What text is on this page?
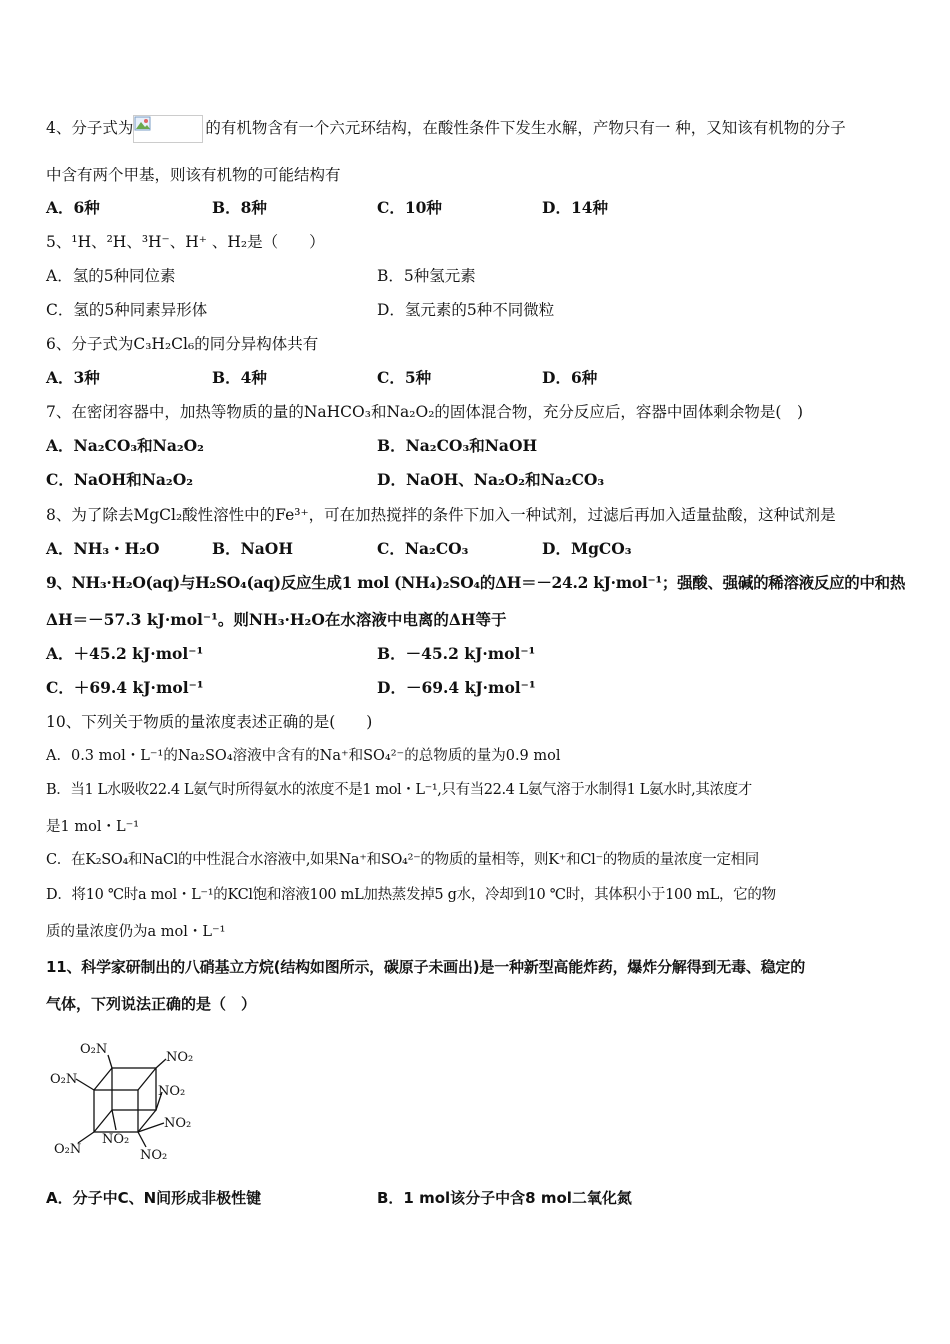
4、分子式为	的有机物含有一个六元环结构，在酸性条件下发生水解，产物只有一 种，又知该有机物的分子
中含有两个甲基，则该有机物的可能结构有
A．6种	B．8种	C．10种	D．14种
5、¹H、²H、³H⁻、H⁺ 、H₂是（　　）
A．氢的5种同位素	B．5种氢元素
C．氢的5种同素异形体	D．氢元素的5种不同微粒
6、分子式为C₃H₂Cl₆的同分异构体共有
A．3种	B．4种	C．5种	D．6种
7、在密闭容器中，加热等物质的量的NaHCO₃和Na₂O₂的固体混合物，充分反应后，容器中固体剩余物是(　)
A．Na₂CO₃和Na₂O₂	B．Na₂CO₃和NaOH
C．NaOH和Na₂O₂	D．NaOH、Na₂O₂和Na₂CO₃
8、为了除去MgCl₂酸性溶性中的Fe³⁺，可在加热搅拌的条件下加入一种试剂，过滤后再加入适量盐酸，这种试剂是
A．NH₃・H₂O	B．NaOH	C．Na₂CO₃	D．MgCO₃
9、NH₃·H₂O(aq)与H₂SO₄(aq)反应生成1 mol (NH₄)₂SO₄的ΔH＝－24.2 kJ·mol⁻¹；强酸、强碱的稀溶液反应的中和热
ΔH＝－57.3 kJ·mol⁻¹。则NH₃·H₂O在水溶液中电离的ΔH等于
A．＋45.2 kJ·mol⁻¹	B．－45.2 kJ·mol⁻¹
C．＋69.4 kJ·mol⁻¹	D．－69.4 kJ·mol⁻¹
10、下列关于物质的量浓度表述正确的是(　　)
A．0.3 mol・L⁻¹的Na₂SO₄溶液中含有的Na⁺和SO₄²⁻的总物质的量为0.9 mol
B．当1 L水吸收22.4 L氨气时所得氨水的浓度不是1 mol・L⁻¹,只有当22.4 L氨气溶于水制得1 L氨水时,其浓度才
是1 mol・L⁻¹
C．在K₂SO₄和NaCl的中性混合水溶液中,如果Na⁺和SO₄²⁻的物质的量相等，则K⁺和Cl⁻的物质的量浓度一定相同
D．将10 ℃时a mol・L⁻¹的KCl饱和溶液100 mL加热蒸发掉5 g水，冷却到10 ℃时，其体积小于100 mL，它的物
质的量浓度仍为a mol・L⁻¹
11、科学家研制出的八硝基立方烷(结构如图所示，碳原子未画出)是一种新型高能炸药，爆炸分解得到无毒、稳定的
气体，下列说法正确的是（　）
O₂N
NO₂
O₂N
NO₂
NO₂
O₂N
NO₂
NO₂
A．分子中C、N间形成非极性键	B．1 mol该分子中含8 mol二氧化氮
